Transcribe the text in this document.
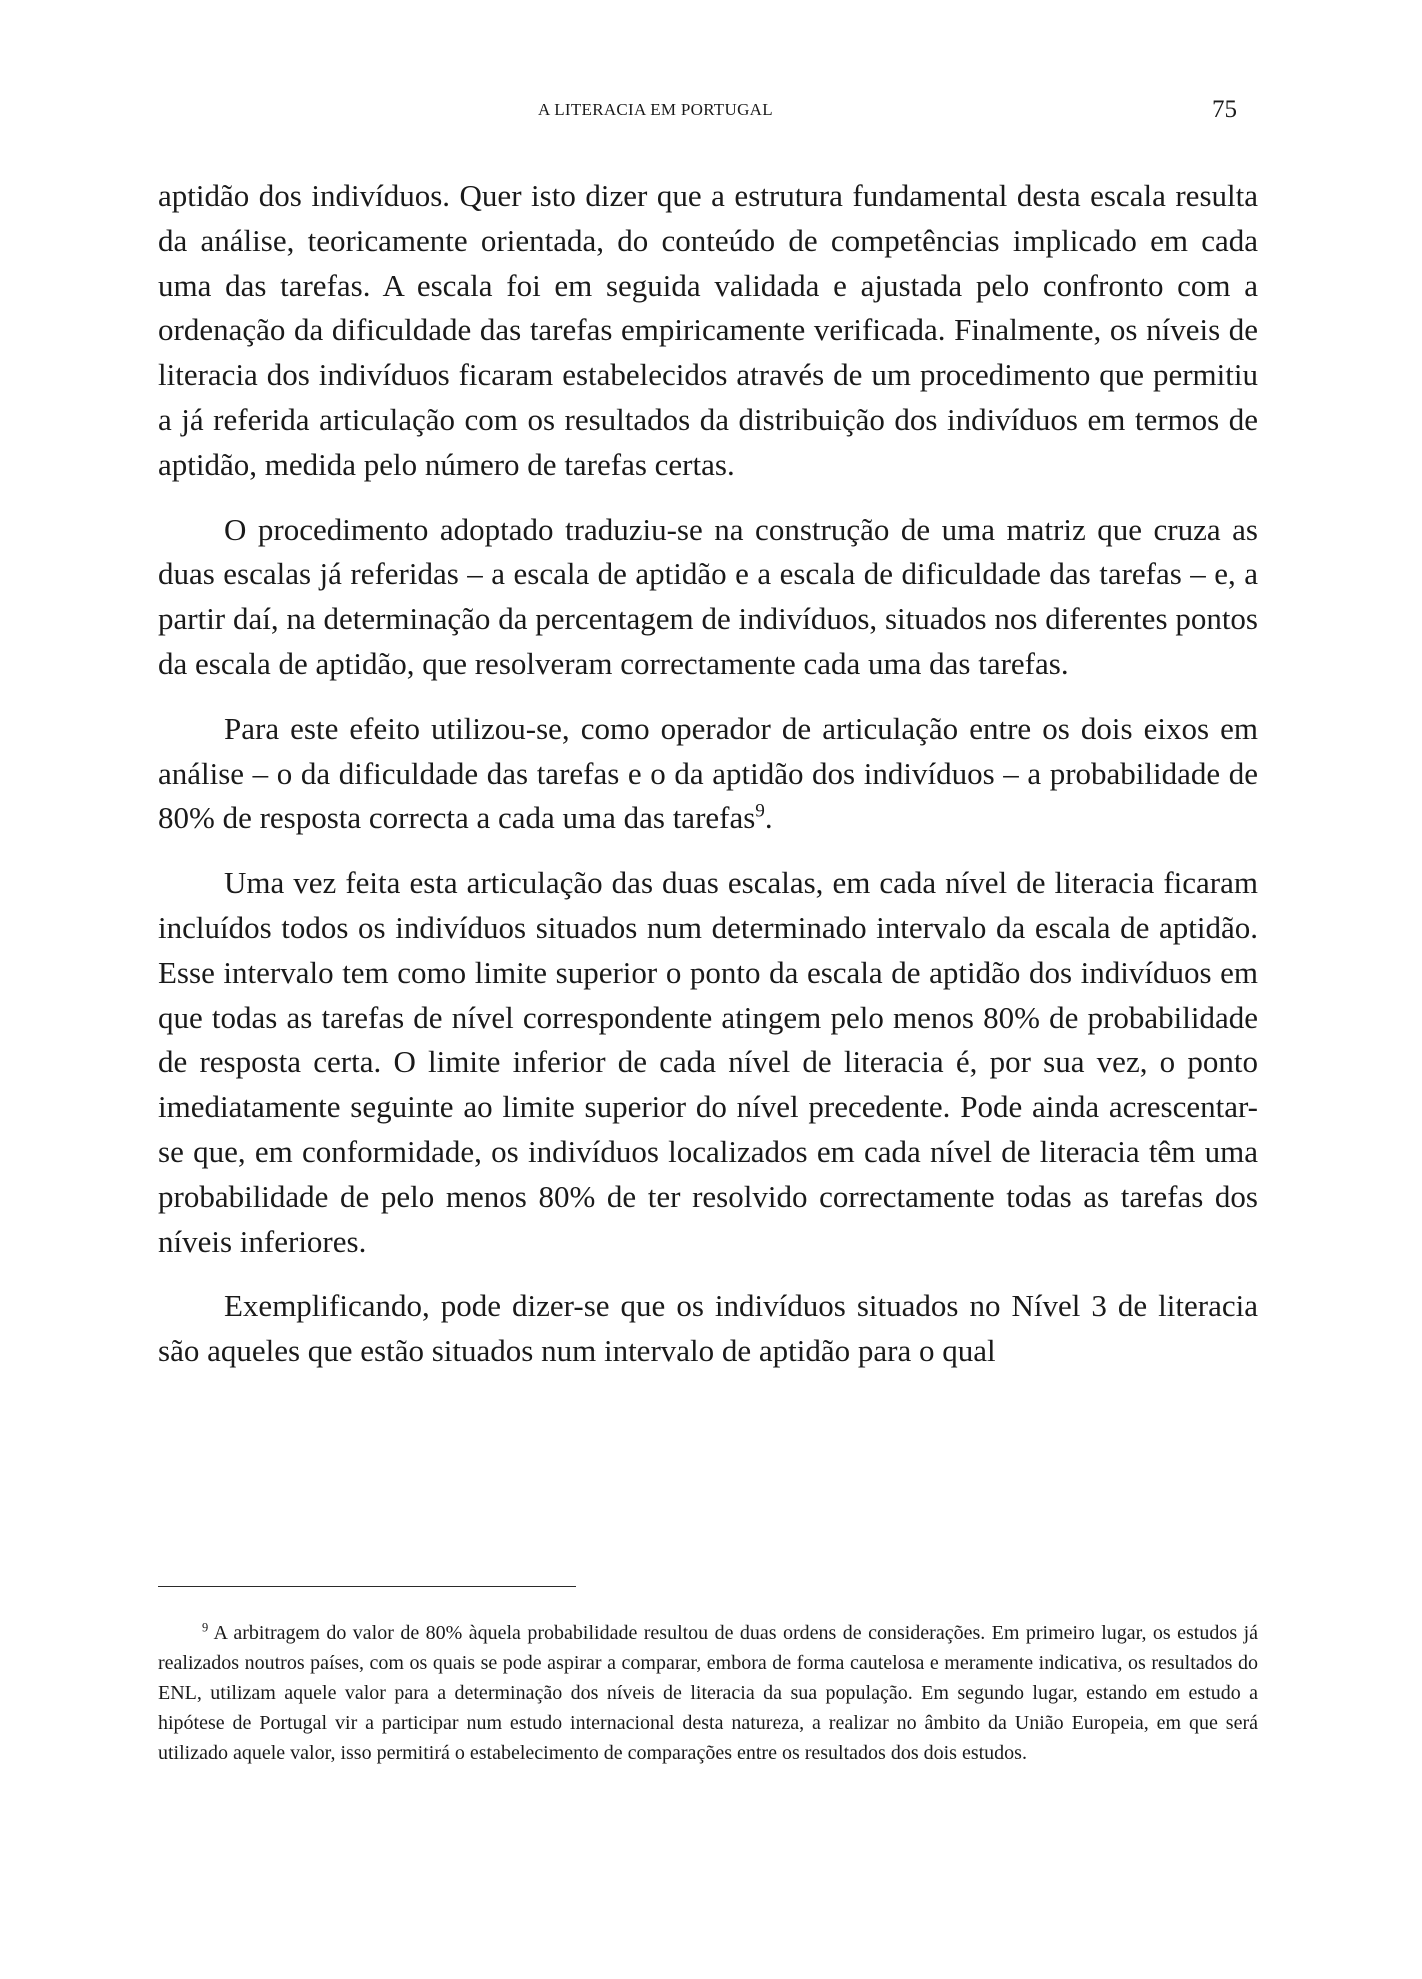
A LITERACIA EM PORTUGAL	75

aptidão dos indivíduos. Quer isto dizer que a estrutura fundamental desta escala resulta da análise, teoricamente orientada, do conteúdo de competências implicado em cada uma das tarefas. A escala foi em seguida validada e ajustada pelo confronto com a ordenação da dificuldade das tarefas empiricamente verificada. Finalmente, os níveis de literacia dos indivíduos ficaram estabelecidos através de um procedimento que permitiu a já referida articulação com os resultados da distribuição dos indivíduos em termos de aptidão, medida pelo número de tarefas certas.

O procedimento adoptado traduziu-se na construção de uma matriz que cruza as duas escalas já referidas – a escala de aptidão e a escala de dificuldade das tarefas – e, a partir daí, na determinação da percentagem de indivíduos, situados nos diferentes pontos da escala de aptidão, que resolveram correctamente cada uma das tarefas.

Para este efeito utilizou-se, como operador de articulação entre os dois eixos em análise – o da dificuldade das tarefas e o da aptidão dos indivíduos – a probabilidade de 80% de resposta correcta a cada uma das tarefas$^9$.

Uma vez feita esta articulação das duas escalas, em cada nível de literacia ficaram incluídos todos os indivíduos situados num determinado intervalo da escala de aptidão. Esse intervalo tem como limite superior o ponto da escala de aptidão dos indivíduos em que todas as tarefas de nível correspondente atingem pelo menos 80% de probabilidade de resposta certa. O limite inferior de cada nível de literacia é, por sua vez, o ponto imediatamente seguinte ao limite superior do nível precedente. Pode ainda acrescentar-se que, em conformidade, os indivíduos localizados em cada nível de literacia têm uma probabilidade de pelo menos 80% de ter resolvido correctamente todas as tarefas dos níveis inferiores.

Exemplificando, pode dizer-se que os indivíduos situados no Nível 3 de literacia são aqueles que estão situados num intervalo de aptidão para o qual

$^9$ A arbitragem do valor de 80% àquela probabilidade resultou de duas ordens de considerações. Em primeiro lugar, os estudos já realizados noutros países, com os quais se pode aspirar a comparar, embora de forma cautelosa e meramente indicativa, os resultados do ENL, utilizam aquele valor para a determinação dos níveis de literacia da sua população. Em segundo lugar, estando em estudo a hipótese de Portugal vir a participar num estudo internacional desta natureza, a realizar no âmbito da União Europeia, em que será utilizado aquele valor, isso permitirá o estabelecimento de comparações entre os resultados dos dois estudos.
